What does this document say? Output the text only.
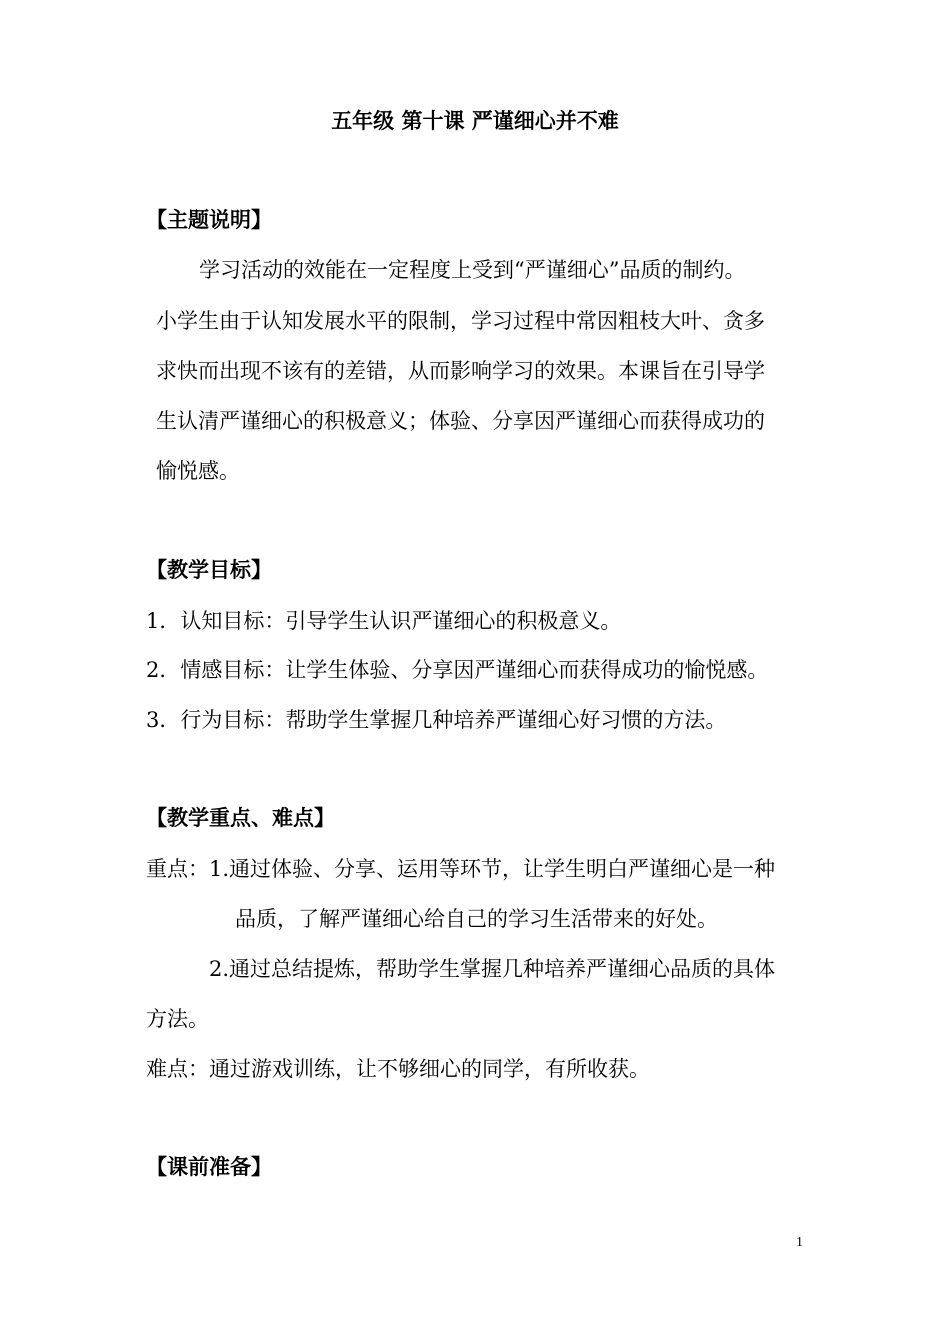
五年级 第十课 严谨细心并不难
【主题说明】
学习活动的效能在一定程度上受到“严谨细心”品质的制约。
小学生由于认知发展水平的限制，学习过程中常因粗枝大叶、贪多
求快而出现不该有的差错，从而影响学习的效果。本课旨在引导学
生认清严谨细心的积极意义；体验、分享因严谨细心而获得成功的
愉悦感。
【教学目标】
1．认知目标：引导学生认识严谨细心的积极意义。
2．情感目标：让学生体验、分享因严谨细心而获得成功的愉悦感。
3．行为目标：帮助学生掌握几种培养严谨细心好习惯的方法。
【教学重点、难点】
重点：1.通过体验、分享、运用等环节，让学生明白严谨细心是一种
品质，了解严谨细心给自己的学习生活带来的好处。
2.通过总结提炼，帮助学生掌握几种培养严谨细心品质的具体
方法。
难点：通过游戏训练，让不够细心的同学，有所收获。
【课前准备】
1
